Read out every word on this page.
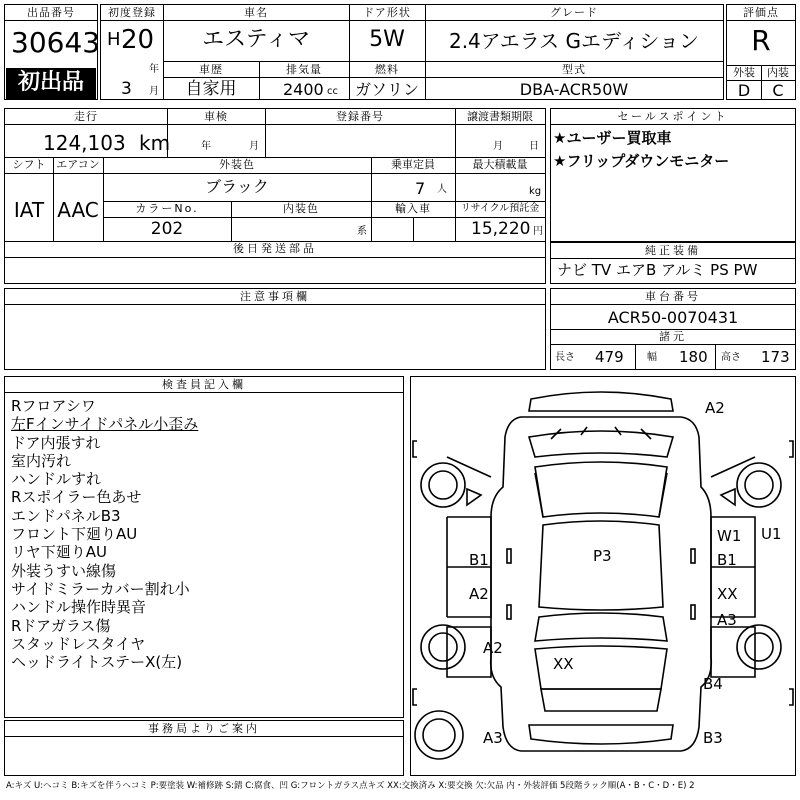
出品番号
30643
初出品
初度登録	車名	ドア形状	グレード
H 20
年
エスティマ	5W	2.4アエラス Gエディション
車歴	排気量	燃料	型式
3 月	自家用	2400 cc	ガソリン	DBA-ACR50W
評価点
R
外装	内装
D	C
走行	車検	登録番号	譲渡書類期限
124,103 km	年	月	月	日
シフト エアコン	外装色	乗車定員	最大積載量
IAT AAC
ブラック	7 人	kg
カラーNo.	内装色	輸入車	リサイクル預託金
202	系	15,220 円
後日発送部品
セールスポイント
★ユーザー買取車
★フリップダウンモニター
純正装備
ナビ TV エアB アルミ PS PW
注意事項欄	車台番号
ACR50-0070431
諸元
長さ 479 幅 180 高さ 173
検査員記入欄
Rフロアシワ
左Fインサイドパネル小歪み
ドア内張すれ
室内汚れ
ハンドルすれ
Rスポイラー色あせ
エンドパネルB3
フロント下廻りAU
リヤ下廻りAU
外装うすい線傷
サイドミラーカバー割れ小
ハンドル操作時異音
Rドアガラス傷
スタッドレスタイヤ
ヘッドライトステーX(左)
事務局よりご案内
A2
W1 U1
B1	P3	B1
A2	XX
A3
A2
XX
B4
A3	B3
A:キズ U:ヘコミ B:キズを伴うヘコミ P:要塗装 W:補修跡 S:錆 C:腐食、凹 G:フロントガラス点キズ XX:交換済み X:要交換 欠:欠品 内・外装評価 5段階ラック順(A・B・C・D・E) 2
